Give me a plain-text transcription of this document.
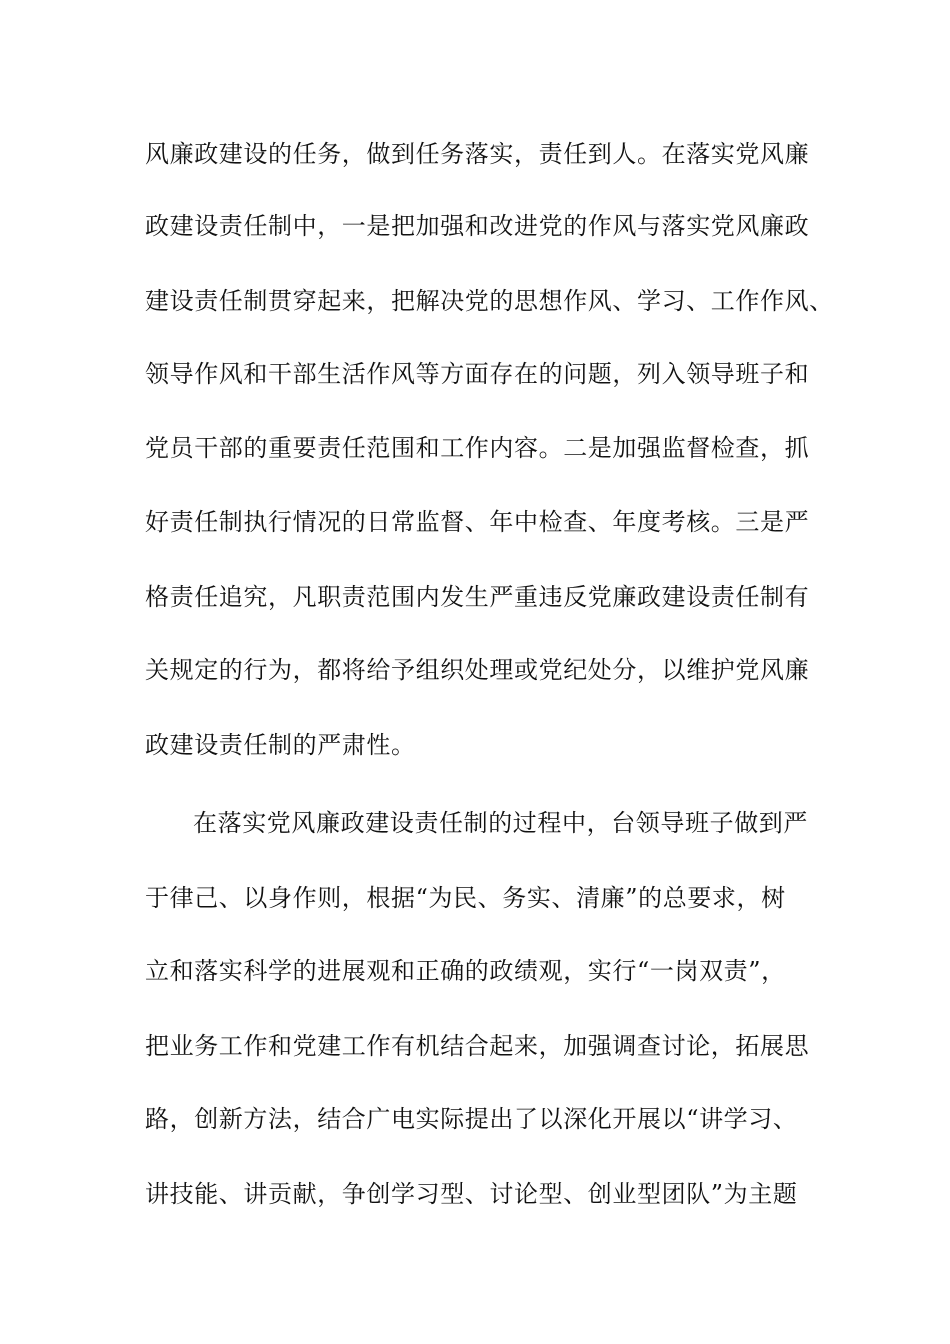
风廉政建设的任务，做到任务落实，责任到人。在落实党风廉
政建设责任制中，一是把加强和改进党的作风与落实党风廉政
建设责任制贯穿起来，把解决党的思想作风、学习、工作作风、
领导作风和干部生活作风等方面存在的问题，列入领导班子和
党员干部的重要责任范围和工作内容。二是加强监督检查，抓
好责任制执行情况的日常监督、年中检查、年度考核。三是严
格责任追究，凡职责范围内发生严重违反党廉政建设责任制有
关规定的行为，都将给予组织处理或党纪处分，以维护党风廉
政建设责任制的严肃性。
在落实党风廉政建设责任制的过程中，台领导班子做到严
于律己、以身作则，根据“为民、务实、清廉”的总要求，树
立和落实科学的进展观和正确的政绩观，实行“一岗双责”，
把业务工作和党建工作有机结合起来，加强调查讨论，拓展思
路，创新方法，结合广电实际提出了以深化开展以“讲学习、
讲技能、讲贡献，争创学习型、讨论型、创业型团队”为主题
